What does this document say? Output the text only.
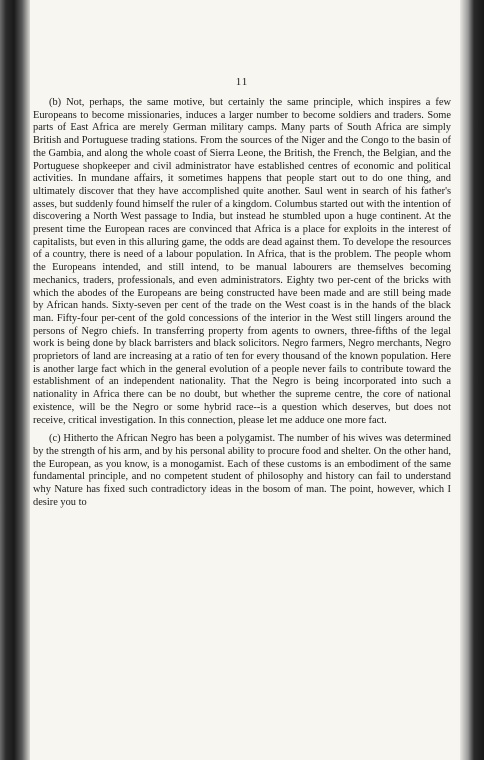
11

(b) Not, perhaps, the same motive, but certainly the same principle, which inspires a few Europeans to become missionaries, induces a larger number to become soldiers and traders. Some parts of East Africa are merely German military camps. Many parts of South Africa are simply British and Portuguese trading stations. From the sources of the Niger and the Congo to the basin of the Gambia, and along the whole coast of Sierra Leone, the British, the French, the Belgian, and the Portuguese shopkeeper and civil administrator have established centres of economic and political activities. In mundane affairs, it sometimes happens that people start out to do one thing, and ultimately discover that they have accomplished quite another. Saul went in search of his father's asses, but suddenly found himself the ruler of a kingdom. Columbus started out with the intention of discovering a North West passage to India, but instead he stumbled upon a huge continent. At the present time the European races are convinced that Africa is a place for exploits in the interest of capitalists, but even in this alluring game, the odds are dead against them. To develope the resources of a country, there is need of a labour population. In Africa, that is the problem. The people whom the Europeans intended, and still intend, to be manual labourers are themselves becoming mechanics, traders, professionals, and even administrators. Eighty two per-cent of the bricks with which the abodes of the Europeans are being constructed have been made and are still being made by African hands. Sixty-seven per cent of the trade on the West coast is in the hands of the black man. Fifty-four per-cent of the gold concessions of the interior in the West still lingers around the persons of Negro chiefs. In transferring property from agents to owners, three-fifths of the legal work is being done by black barristers and black solicitors. Negro farmers, Negro merchants, Negro proprietors of land are increasing at a ratio of ten for every thousand of the known population. Here is another large fact which in the general evolution of a people never fails to contribute toward the establishment of an independent nationality. That the Negro is being incorporated into such a nationality in Africa there can be no doubt, but whether the supreme centre, the core of national existence, will be the Negro or some hybrid race--is a question which deserves, but does not receive, critical investigation. In this connection, please let me adduce one more fact.

(c) Hitherto the African Negro has been a polygamist. The number of his wives was determined by the strength of his arm, and by his personal ability to procure food and shelter. On the other hand, the European, as you know, is a monogamist. Each of these customs is an embodiment of the same fundamental principle, and no competent student of philosophy and history can fail to understand why Nature has fixed such contradictory ideas in the bosom of man. The point, however, which I desire you to
